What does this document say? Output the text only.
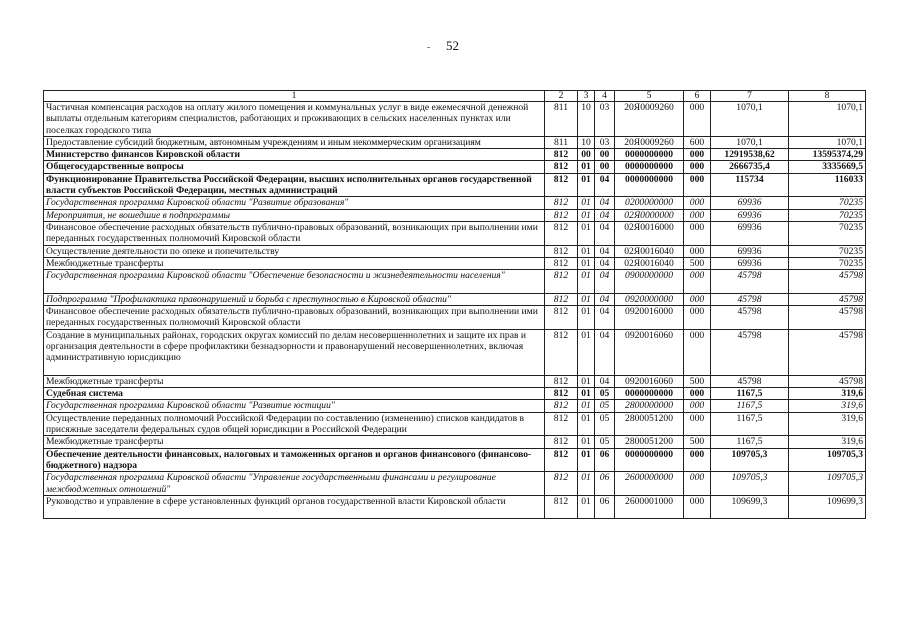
52
-
1	2	3	4	5	6	7	8
Частичная компенсация расходов на оплату жилого помещения и коммунальных услуг в виде ежемесячной денежной выплаты отдельным категориям специалистов, работающих и проживающих в сельских населенных пунктах или поселках городского типа	811	10	03	20Я0009260	000	1070,1	1070,1
Предоставление субсидий бюджетным, автономным учреждениям и иным некоммерческим организациям	811	10	03	20Я0009260	600	1070,1	1070,1
Министерство финансов Кировской области	812	00	00	0000000000	000	12919538,62	13595374,29
Общегосударственные вопросы	812	01	00	0000000000	000	2666735,4	3335669,5
Функционирование Правительства Российской Федерации, высших исполнительных органов государственной власти субъектов Российской Федерации, местных администраций	812	01	04	0000000000	000	115734	116033
Государственная программа Кировской области "Развитие образования"	812	01	04	0200000000	000	69936	70235
Мероприятия, не вошедшие в подпрограммы	812	01	04	02Я0000000	000	69936	70235
Финансовое обеспечение расходных обязательств публично-правовых образований, возникающих при выполнении ими переданных государственных полномочий Кировской области	812	01	04	02Я0016000	000	69936	70235
Осуществление деятельности по опеке и попечительству	812	01	04	02Я0016040	000	69936	70235
Межбюджетные трансферты	812	01	04	02Я0016040	500	69936	70235
Государственная программа Кировской области "Обеспечение безопасности и жизнедеятельности населения"	812	01	04	0900000000	000	45798	45798
Подпрограмма "Профилактика правонарушений и борьба с преступностью в Кировской области"	812	01	04	0920000000	000	45798	45798
Финансовое обеспечение расходных обязательств публично-правовых образований, возникающих при выполнении ими переданных государственных полномочий Кировской области	812	01	04	0920016000	000	45798	45798
Создание в муниципальных районах, городских округах комиссий по делам несовершеннолетних и защите их прав и организация деятельности в сфере профилактики безнадзорности и правонарушений несовершеннолетних, включая административную юрисдикцию	812	01	04	0920016060	000	45798	45798
Межбюджетные трансферты	812	01	04	0920016060	500	45798	45798
Судебная система	812	01	05	0000000000	000	1167,5	319,6
Государственная программа Кировской области "Развитие юстиции"	812	01	05	2800000000	000	1167,5	319,6
Осуществление переданных полномочий Российской Федерации по составлению (изменению) списков кандидатов в присяжные заседатели федеральных судов общей юрисдикции в Российской Федерации	812	01	05	2800051200	000	1167,5	319,6
Межбюджетные трансферты	812	01	05	2800051200	500	1167,5	319,6
Обеспечение деятельности финансовых, налоговых и таможенных органов и органов финансового (финансово-бюджетного) надзора	812	01	06	0000000000	000	109705,3	109705,3
Государственная программа Кировской области "Управление государственными финансами и регулирование межбюджетных отношений"	812	01	06	2600000000	000	109705,3	109705,3
Руководство и управление в сфере установленных функций органов государственной власти Кировской области	812	01	06	2600001000	000	109699,3	109699,3
